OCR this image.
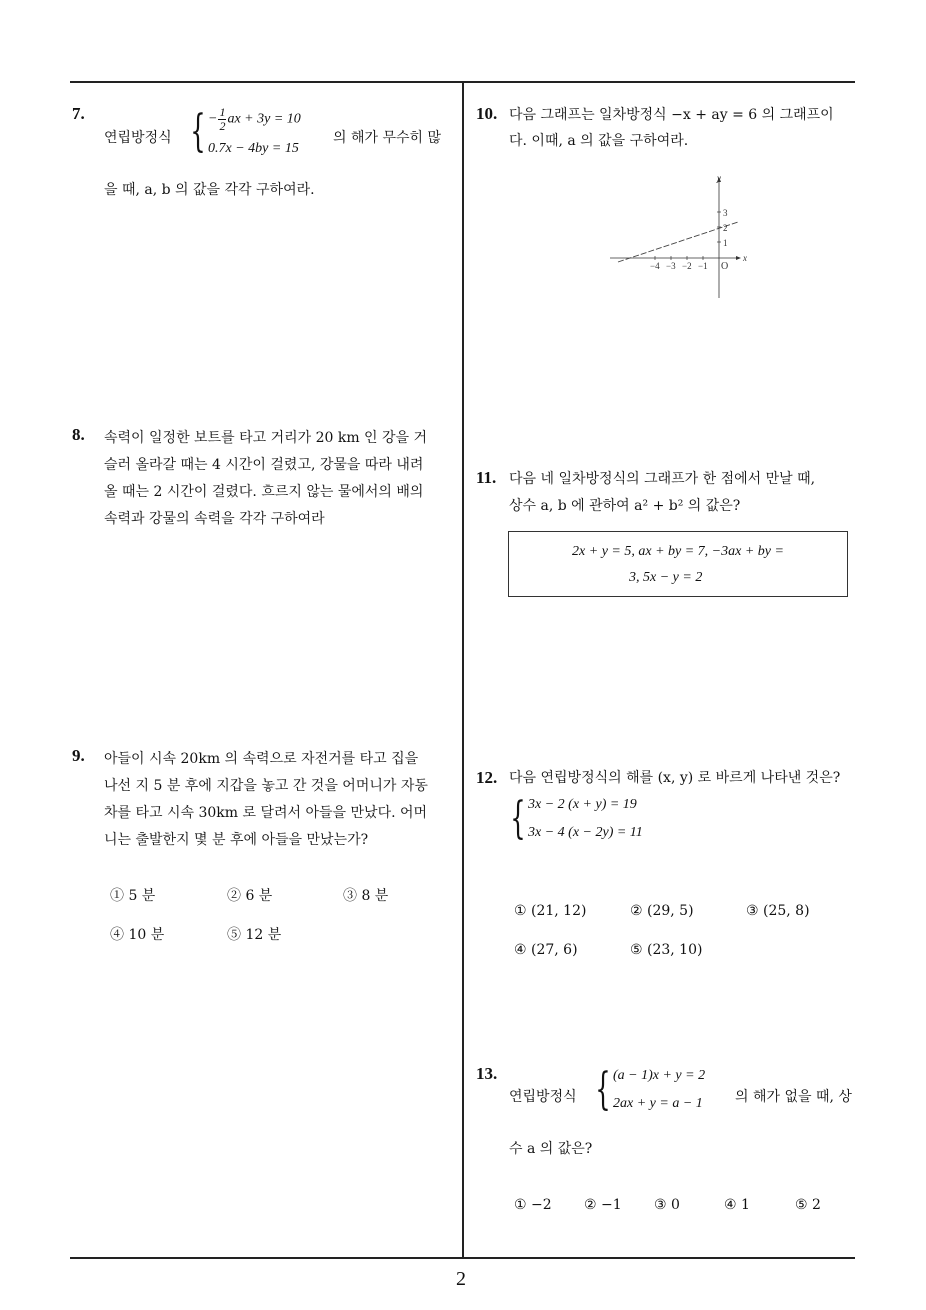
7.
연립방정식 { − $\frac{1}{2}$ ax + 3y = 10
0.7x − 4by = 15
의 해가 무수히 많
을 때, a, b 의 값을 각각 구하여라.
8. 속력이 일정한 보트를 타고 거리가 20 km 인 강을 거
슬러 올라갈 때는 4 시간이 걸렸고, 강물을 따라 내려
올 때는 2 시간이 걸렸다. 흐르지 않는 물에서의 배의
속력과 강물의 속력을 각각 구하여라
9. 아들이 시속 20km 의 속력으로 자전거를 타고 집을
나선 지 5 분 후에 지갑을 놓고 간 것을 어머니가 자동
차를 타고 시속 30km 로 달려서 아들을 만났다. 어머
니는 출발한지 몇 분 후에 아들을 만났는가?
① 5 분	② 6 분	③ 8 분
④ 10 분	⑤ 12 분
10. 다음 그래프는 일차방정식 −x + ay = 6 의 그래프이
다. 이때, a 의 값을 구하여라.
x
y
O
−4 −3 −2 −1
3
2
1
11. 다음 네 일차방정식의 그래프가 한 점에서 만날 때,
상수 a, b 에 관하여 a² + b² 의 값은?
2x + y = 5, ax + by = 7, −3ax + by =
3, 5x − y = 2
12. 다음 연립방정식의 해를 (x, y) 로 바르게 나타낸 것은?
{ 3x − 2 (x + y) = 19
3x − 4 (x − 2y) = 11
① (21, 12)	② (29, 5)	③ (25, 8)
④ (27, 6)	⑤ (23, 10)
13.
연립방정식 { (a − 1)x + y = 2
2ax + y = a − 1 의 해가 없을 때, 상
수 a 의 값은?
① −2 ② −1 ③ 0	④ 1	⑤ 2
2
